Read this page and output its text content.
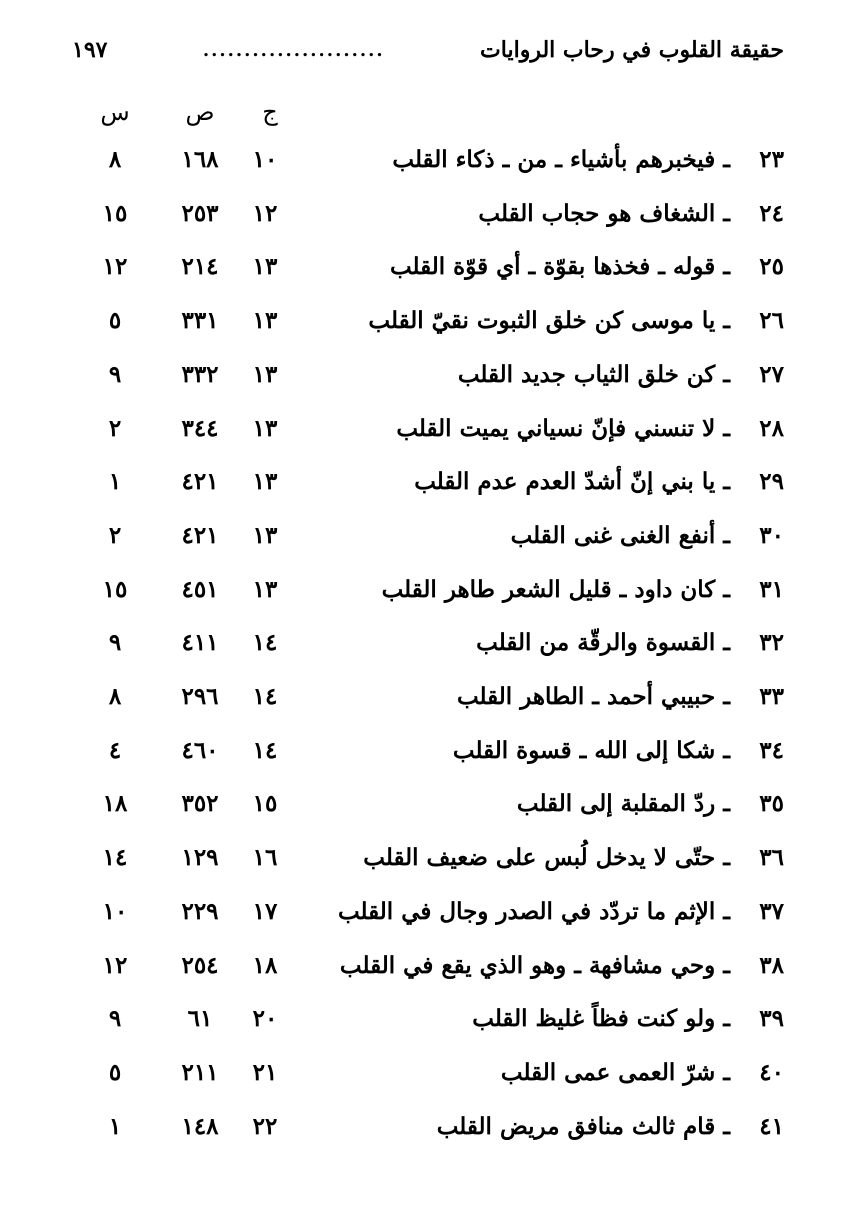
حقيقة القلوب في رحاب الروايات
......................
١٩٧
ج
ص
س
٢٣
ـ فيخبرهم بأشياء ـ من ـ ذكاء القلب
١٠
١٦٨
٨
٢٤
ـ الشغاف هو حجاب القلب
١٢
٢٥٣
١٥
٢٥
ـ قوله ـ فخذها بقوّة ـ أي قوّة القلب
١٣
٢١٤
١٢
٢٦
ـ يا موسى كن خلق الثبوت نقيّ القلب
١٣
٣٣١
٥
٢٧
ـ كن خلق الثياب جديد القلب
١٣
٣٣٢
٩
٢٨
ـ لا تنسني فإنّ نسياني يميت القلب
١٣
٣٤٤
٢
٢٩
ـ يا بني إنّ أشدّ العدم عدم القلب
١٣
٤٢١
١
٣٠
ـ أنفع الغنى غنى القلب
١٣
٤٢١
٢
٣١
ـ كان داود ـ قليل الشعر طاهر القلب
١٣
٤٥١
١٥
٣٢
ـ القسوة والرقّة من القلب
١٤
٤١١
٩
٣٣
ـ حبيبي أحمد ـ الطاهر القلب
١٤
٢٩٦
٨
٣٤
ـ شكا إلى الله ـ قسوة القلب
١٤
٤٦٠
٤
٣٥
ـ ردّ المقلبة إلى القلب
١٥
٣٥٢
١٨
٣٦
ـ حتّى لا يدخل لُبس على ضعيف القلب
١٦
١٢٩
١٤
٣٧
ـ الإثم ما تردّد في الصدر وجال في القلب
١٧
٢٢٩
١٠
٣٨
ـ وحي مشافهة ـ وهو الذي يقع في القلب
١٨
٢٥٤
١٢
٣٩
ـ ولو كنت فظاً غليظ القلب
٢٠
٦١
٩
٤٠
ـ شرّ العمى عمى القلب
٢١
٢١١
٥
٤١
ـ قام ثالث منافق مريض القلب
٢٢
١٤٨
١
